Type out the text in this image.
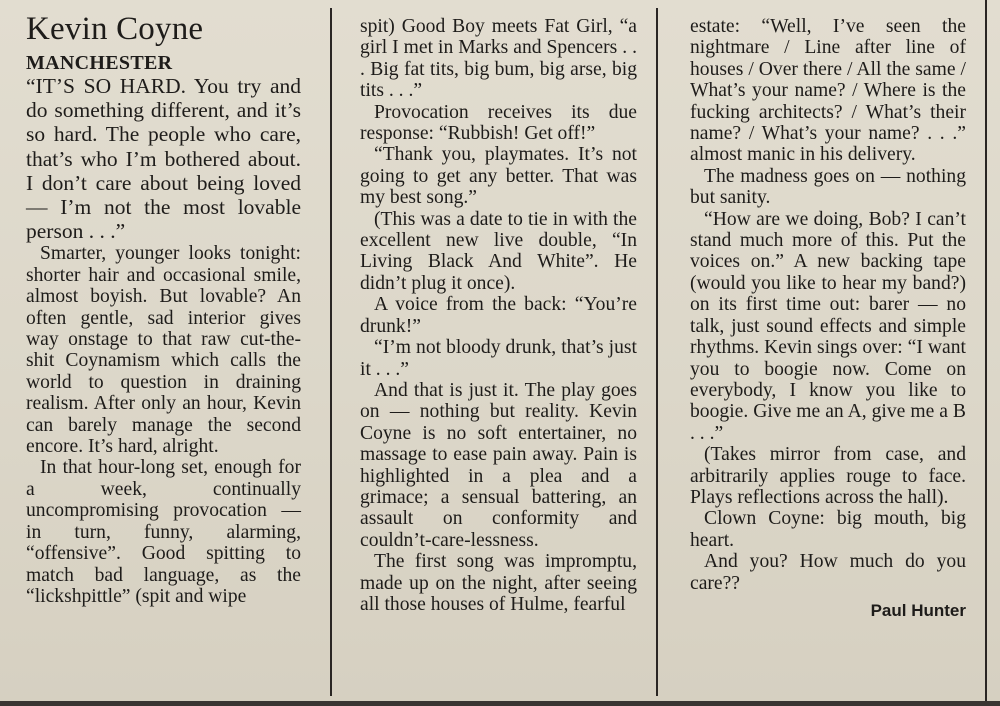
Kevin Coyne

MANCHESTER

“IT’S SO HARD. You try and do something different, and it’s so hard. The people who care, that’s who I’m bothered about. I don’t care about being loved — I’m not the most lovable person . . .”

Smarter, younger looks tonight: shorter hair and occasional smile, almost boyish. But lovable? An often gentle, sad interior gives way onstage to that raw cut-the-shit Coynamism which calls the world to question in draining realism. After only an hour, Kevin can barely manage the second encore. It’s hard, alright.

In that hour-long set, enough for a week, continually uncompromising provocation — in turn, funny, alarming, “offensive”. Good spitting to match bad language, as the “lickshpittle” (spit and wipe

spit) Good Boy meets Fat Girl, “a girl I met in Marks and Spencers . . . Big fat tits, big bum, big arse, big tits . . .”

Provocation receives its due response: “Rubbish! Get off!”

“Thank you, playmates. It’s not going to get any better. That was my best song.”

(This was a date to tie in with the excellent new live double, “In Living Black And White”. He didn’t plug it once).

A voice from the back: “You’re drunk!”

“I’m not bloody drunk, that’s just it . . .”

And that is just it. The play goes on — nothing but reality. Kevin Coyne is no soft entertainer, no massage to ease pain away. Pain is highlighted in a plea and a grimace; a sensual battering, an assault on conformity and couldn’t-care-lessness.

The first song was impromptu, made up on the night, after seeing all those houses of Hulme, fearful

estate: “Well, I’ve seen the nightmare / Line after line of houses / Over there / All the same / What’s your name? / Where is the fucking architects? / What’s their name? / What’s your name? . . .” almost manic in his delivery.

The madness goes on — nothing but sanity.

“How are we doing, Bob? I can’t stand much more of this. Put the voices on.” A new backing tape (would you like to hear my band?) on its first time out: barer — no talk, just sound effects and simple rhythms. Kevin sings over: “I want you to boogie now. Come on everybody, I know you like to boogie. Give me an A, give me a B . . .”

(Takes mirror from case, and arbitrarily applies rouge to face. Plays reflections across the hall).

Clown Coyne: big mouth, big heart.

And you? How much do you care??

Paul Hunter
